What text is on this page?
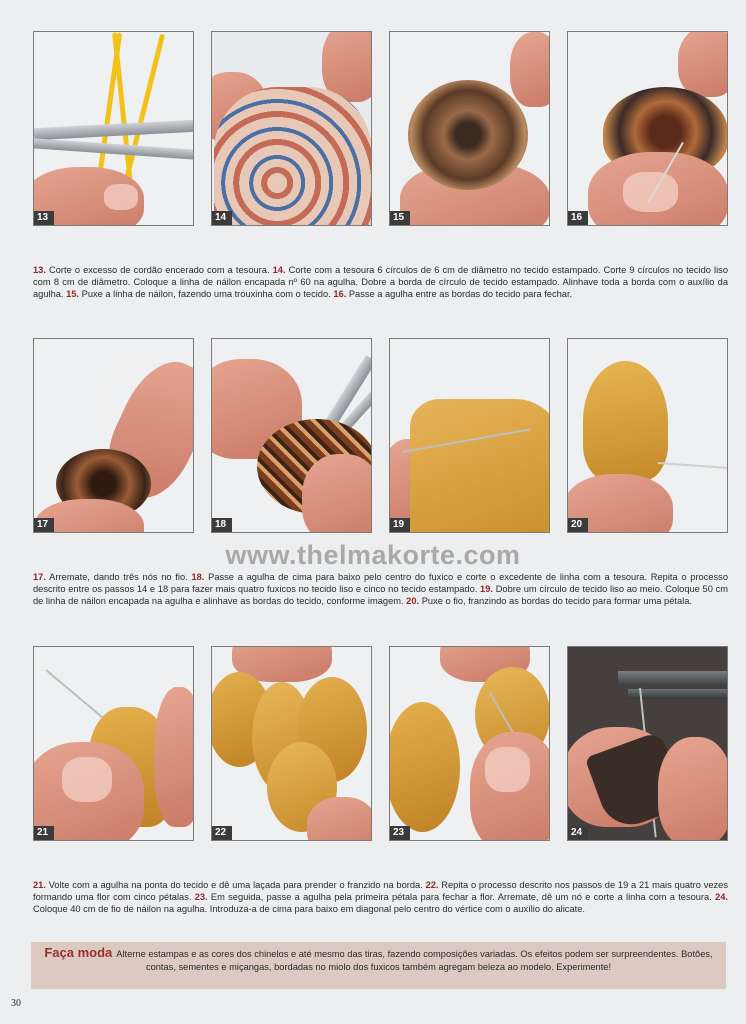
13	14	15	16
13. Corte o excesso de cordão encerado com a tesoura. 14. Corte com a tesoura 6 círculos de 6 cm de diâmetro no tecido estampado. Corte 9 círculos no tecido liso com 8 cm de diâmetro. Coloque a linha de náilon encapada nº 60 na agulha. Dobre a borda de círculo de tecido estampado. Alinhave toda a borda com o auxílio da agulha. 15. Puxe a linha de náilon, fazendo uma trouxinha com o tecido. 16. Passe a agulha entre as bordas do tecido para fechar.
17	18	19	20
www.thelmakorte.com
17. Arremate, dando três nós no fio. 18. Passe a agulha de cima para baixo pelo centro do fuxico e corte o excedente de linha com a tesoura. Repita o processo descrito entre os passos 14 e 18 para fazer mais quatro fuxicos no tecido liso e cinco no tecido estampado. 19. Dobre um círculo de tecido liso ao meio. Coloque 50 cm de linha de náilon encapada na agulha e alinhave as bordas do tecido, conforme imagem. 20. Puxe o fio, franzindo as bordas do tecido para formar uma pétala.
21	22	23	24
21. Volte com a agulha na ponta do tecido e dê uma laçada para prender o franzido na borda. 22. Repita o processo descrito nos passos de 19 a 21 mais quatro vezes formando uma flor com cinco pétalas. 23. Em seguida, passe a agulha pela primeira pétala para fechar a flor. Arremate, dê um nó e corte a linha com a tesoura. 24. Coloque 40 cm de fio de náilon na agulha. Introduza-a de cima para baixo em diagonal pelo centro do vértice com o auxílio do alicate.
Faça moda Alterne estampas e as cores dos chinelos e até mesmo das tiras, fazendo composições variadas. Os efeitos podem ser surpreendentes. Botões, contas, sementes e miçangas, bordadas no miolo dos fuxicos também agregam beleza ao modelo. Experimente!
30
